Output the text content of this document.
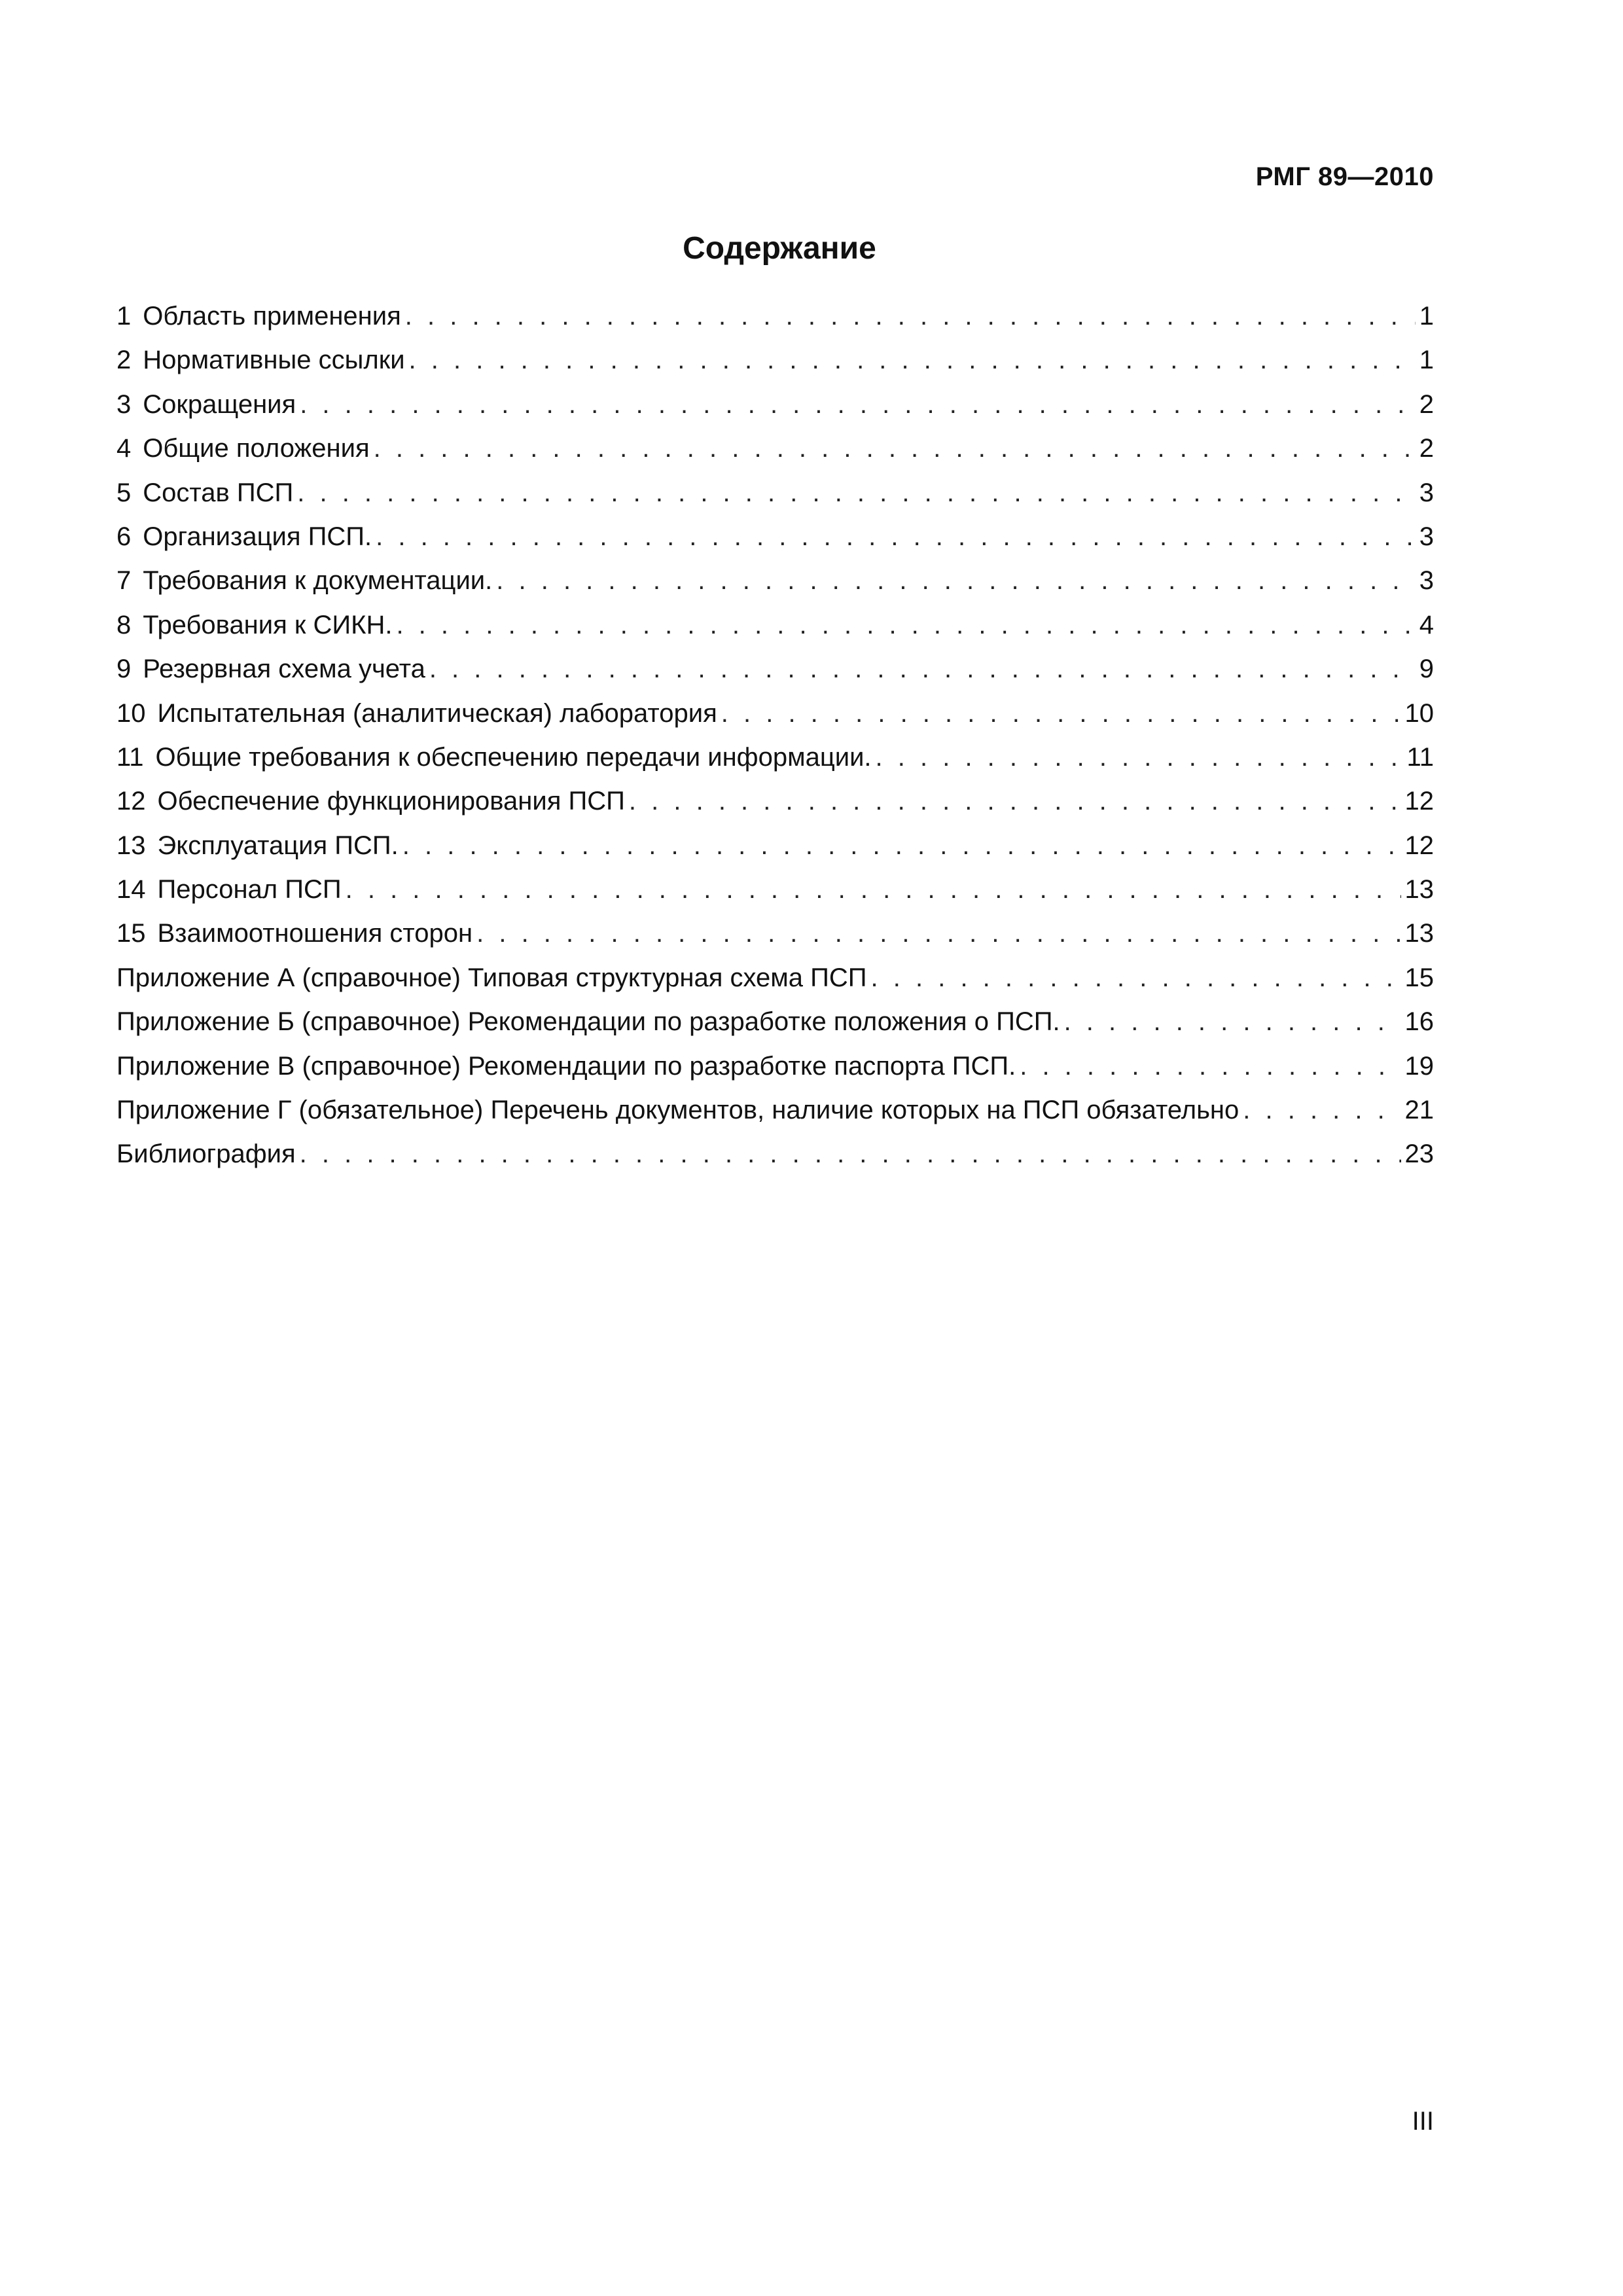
РМГ 89—2010
Содержание
1 Область применения . . .	1
2 Нормативные ссылки . . .	1
3 Сокращения . . .	2
4 Общие положения . . .	2
5 Состав ПСП . . .	3
6 Организация ПСП. . . .	3
7 Требования к документации. . . .	3
8 Требования к СИКН. . . .	4
9 Резервная схема учета . . .	9
10 Испытательная (аналитическая) лаборатория . . .	10
11 Общие требования к обеспечению передачи информации. . . .	11
12 Обеспечение функционирования ПСП . . .	12
13 Эксплуатация ПСП. . . .	12
14 Персонал ПСП . . .	13
15 Взаимоотношения сторон . . .	13
Приложение А (справочное) Типовая структурная схема ПСП . . .	15
Приложение Б (справочное) Рекомендации по разработке положения о ПСП. . . .	16
Приложение В (справочное) Рекомендации по разработке паспорта ПСП. . . .	19
Приложение Г (обязательное) Перечень документов, наличие которых на ПСП обязательно . . .	21
Библиография . . .	23
III
